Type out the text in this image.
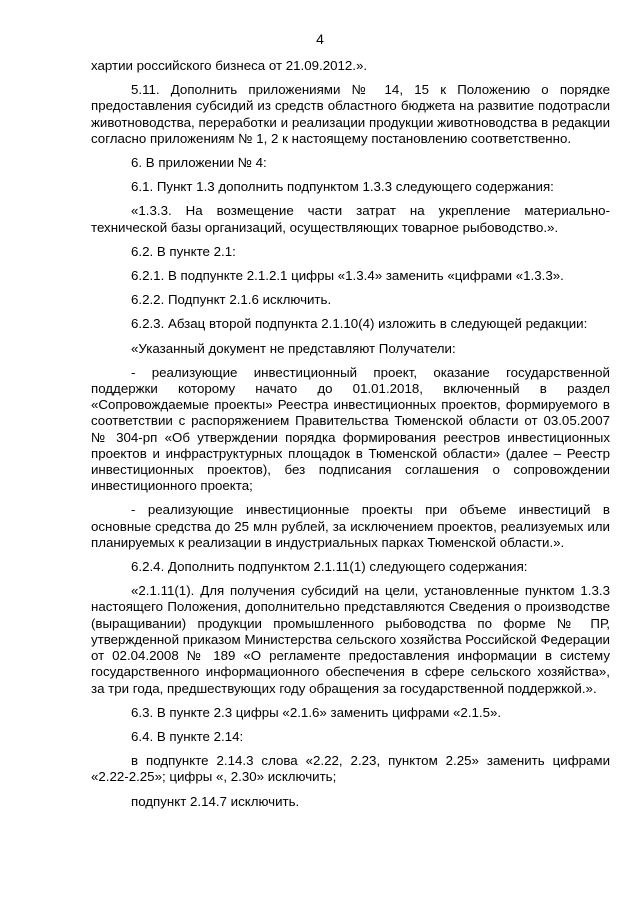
4

хартии российского бизнеса от 21.09.2012.».

5.11. Дополнить приложениями № 14, 15 к Положению о порядке предоставления субсидий из средств областного бюджета на развитие подотрасли животноводства, переработки и реализации продукции животноводства в редакции согласно приложениям № 1, 2 к настоящему постановлению соответственно.

6. В приложении № 4:

6.1. Пункт 1.3 дополнить подпунктом 1.3.3 следующего содержания:

«1.3.3. На возмещение части затрат на укрепление материально-технической базы организаций, осуществляющих товарное рыбоводство.».

6.2. В пункте 2.1:

6.2.1. В подпункте 2.1.2.1 цифры «1.3.4» заменить «цифрами «1.3.3».

6.2.2. Подпункт 2.1.6 исключить.

6.2.3. Абзац второй подпункта 2.1.10(4) изложить в следующей редакции:

«Указанный документ не представляют Получатели:

- реализующие инвестиционный проект, оказание государственной поддержки которому начато до 01.01.2018, включенный в раздел «Сопровождаемые проекты» Реестра инвестиционных проектов, формируемого в соответствии с распоряжением Правительства Тюменской области от 03.05.2007 № 304-рп «Об утверждении порядка формирования реестров инвестиционных проектов и инфраструктурных площадок в Тюменской области» (далее – Реестр инвестиционных проектов), без подписания соглашения о сопровождении инвестиционного проекта;

- реализующие инвестиционные проекты при объеме инвестиций в основные средства до 25 млн рублей, за исключением проектов, реализуемых или планируемых к реализации в индустриальных парках Тюменской области.».

6.2.4. Дополнить подпунктом 2.1.11(1) следующего содержания:

«2.1.11(1). Для получения субсидий на цели, установленные пунктом 1.3.3 настоящего Положения, дополнительно представляются Сведения о производстве (выращивании) продукции промышленного рыбоводства по форме № ПР, утвержденной приказом Министерства сельского хозяйства Российской Федерации от 02.04.2008 № 189 «О регламенте предоставления информации в систему государственного информационного обеспечения в сфере сельского хозяйства», за три года, предшествующих году обращения за государственной поддержкой.».

6.3. В пункте 2.3 цифры «2.1.6» заменить цифрами «2.1.5».

6.4. В пункте 2.14:

в подпункте 2.14.3 слова «2.22, 2.23, пунктом 2.25» заменить цифрами «2.22-2.25»; цифры «, 2.30» исключить;

подпункт 2.14.7 исключить.
